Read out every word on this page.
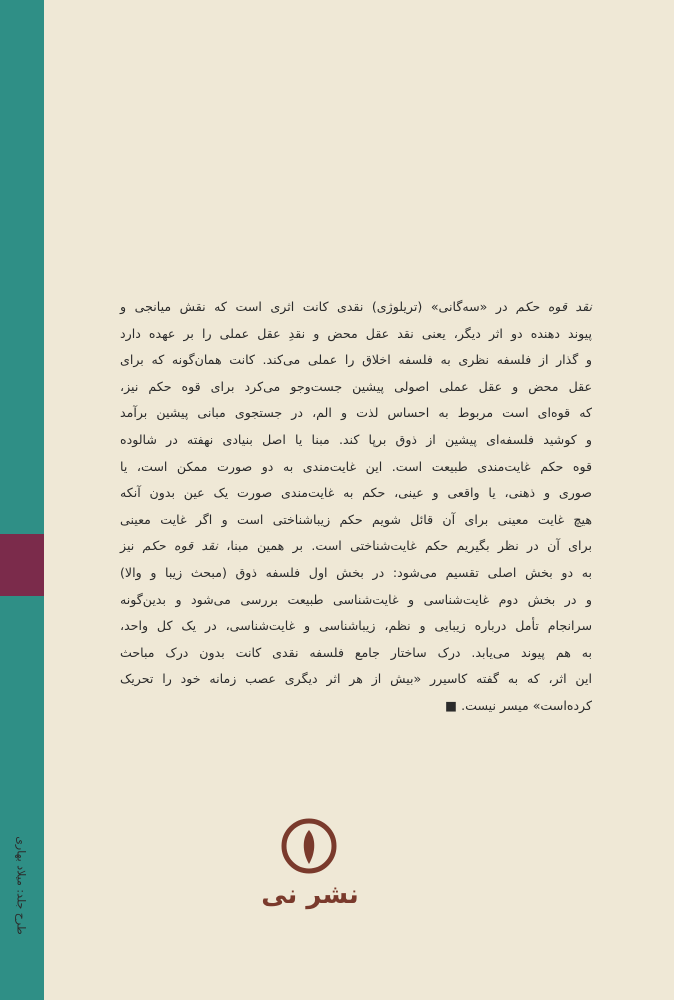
طرح جلد: میلاد بهاری
نقد قوه حکم در «سه‌گانی» (تریلوژی) نقدی کانت اثری است که نقش میانجی و
پیوند دهنده دو اثر دیگر، یعنی نقد عقل محض و نقدِ عقل عملی را بر عهده دارد
و گذار از فلسفه نظری به فلسفه اخلاق را عملی می‌کند. کانت همان‌گونه که برای
عقل محض و عقل عملی اصولی پیشین جست‌وجو می‌کرد برای قوه حکم نیز،
که قوه‌ای است مربوط به احساس لذت و الم، در جستجوی مبانی پیشین برآمد
و کوشید فلسفه‌ای پیشین از ذوق برپا کند. مبنا یا اصل بنیادی نهفته در شالوده
قوه حکم غایت‌مندی طبیعت است. این غایت‌مندی به دو صورت ممکن است، یا
صوری و ذهنی، یا واقعی و عینی، حکم به غایت‌مندی صورت یک عین بدون آنکه
هیچ غایت معینی برای آن قائل شویم حکم زیباشناختی است و اگر غایت معینی
برای آن در نظر بگیریم حکم غایت‌شناختی است. بر همین مبنا، نقد قوه حکم نیز
به دو بخش اصلی تقسیم می‌شود: در بخش اول فلسفه ذوق (مبحث زیبا و والا)
و در بخش دوم غایت‌شناسی و غایت‌شناسی طبیعت بررسی می‌شود و بدین‌گونه
سرانجام تأمل درباره زیبایی و نظم، زیباشناسی و غایت‌شناسی، در یک کل واحد،
به هم پیوند می‌یابد. درک ساختار جامع فلسفه نقدی کانت بدون درک مباحث
این اثر، که به گفته کاسیرر «بیش از هر اثر دیگری عصب زمانه خود را تحریک
کرده‌است» میسر نیست. ■
نشر نی
